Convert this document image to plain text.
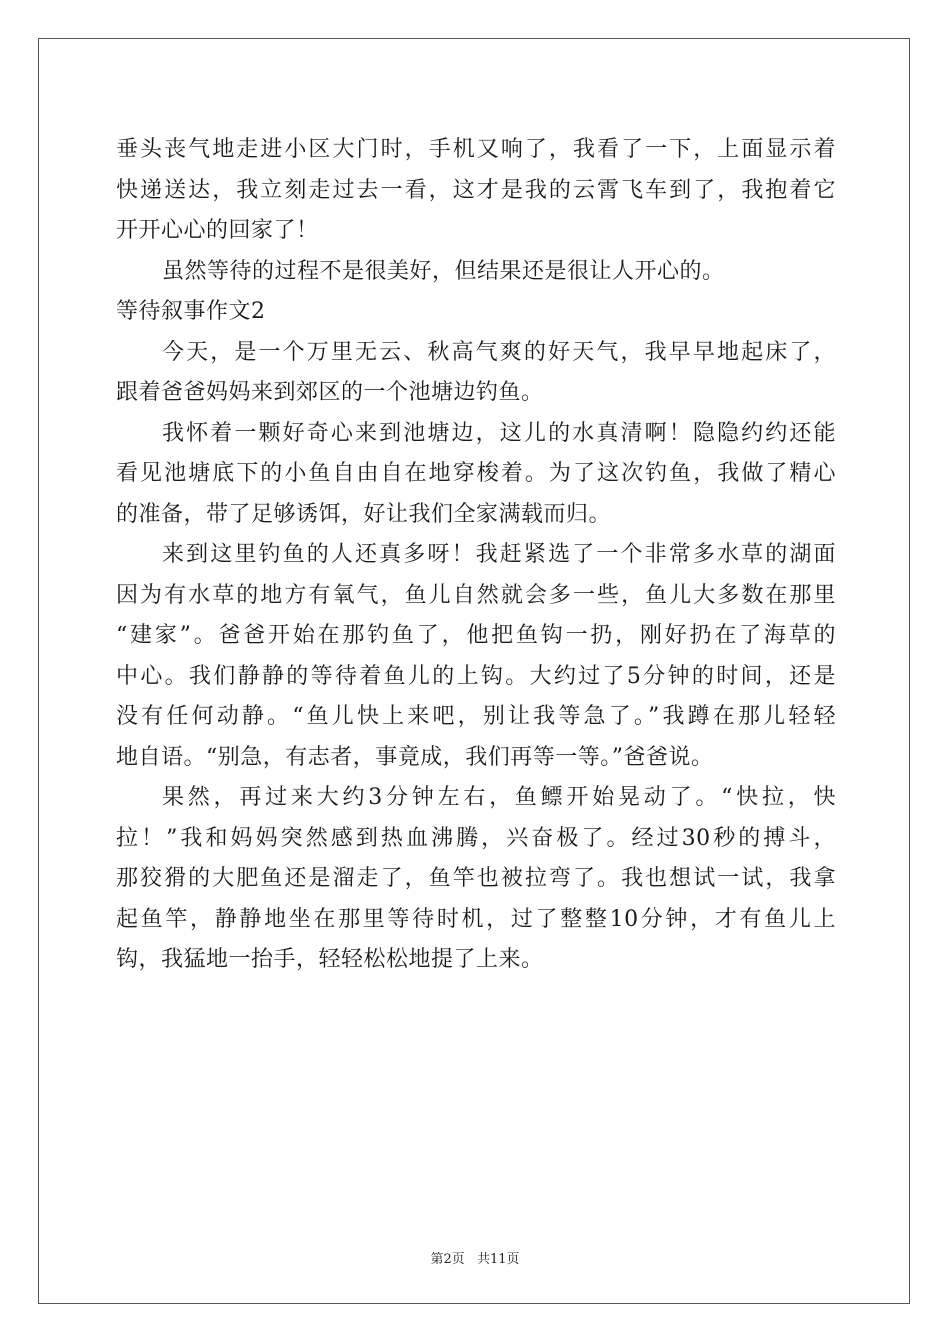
垂头丧气地走进小区大门时，手机又响了，我看了一下，上面显示着
快递送达，我立刻走过去一看，这才是我的云霄飞车到了，我抱着它
开开心心的回家了！
虽然等待的过程不是很美好，但结果还是很让人开心的。
等待叙事作文2
今天，是一个万里无云、秋高气爽的好天气，我早早地起床了，
跟着爸爸妈妈来到郊区的一个池塘边钓鱼。
我怀着一颗好奇心来到池塘边，这儿的水真清啊！隐隐约约还能
看见池塘底下的小鱼自由自在地穿梭着。为了这次钓鱼，我做了精心
的准备，带了足够诱饵，好让我们全家满载而归。
来到这里钓鱼的人还真多呀！我赶紧选了一个非常多水草的湖面
因为有水草的地方有氧气，鱼儿自然就会多一些，鱼儿大多数在那里
“建家”。爸爸开始在那钓鱼了，他把鱼钩一扔，刚好扔在了海草的
中心。我们静静的等待着鱼儿的上钩。大约过了5分钟的时间，还是
没有任何动静。“鱼儿快上来吧，别让我等急了。”我蹲在那儿轻轻
地自语。“别急，有志者，事竟成，我们再等一等。”爸爸说。
果然，再过来大约3分钟左右，鱼鳔开始晃动了。“快拉，快
拉！”我和妈妈突然感到热血沸腾，兴奋极了。经过30秒的搏斗，
那狡猾的大肥鱼还是溜走了，鱼竿也被拉弯了。我也想试一试，我拿
起鱼竿，静静地坐在那里等待时机，过了整整10分钟，才有鱼儿上
钩，我猛地一抬手，轻轻松松地提了上来。
第2页 共11页
